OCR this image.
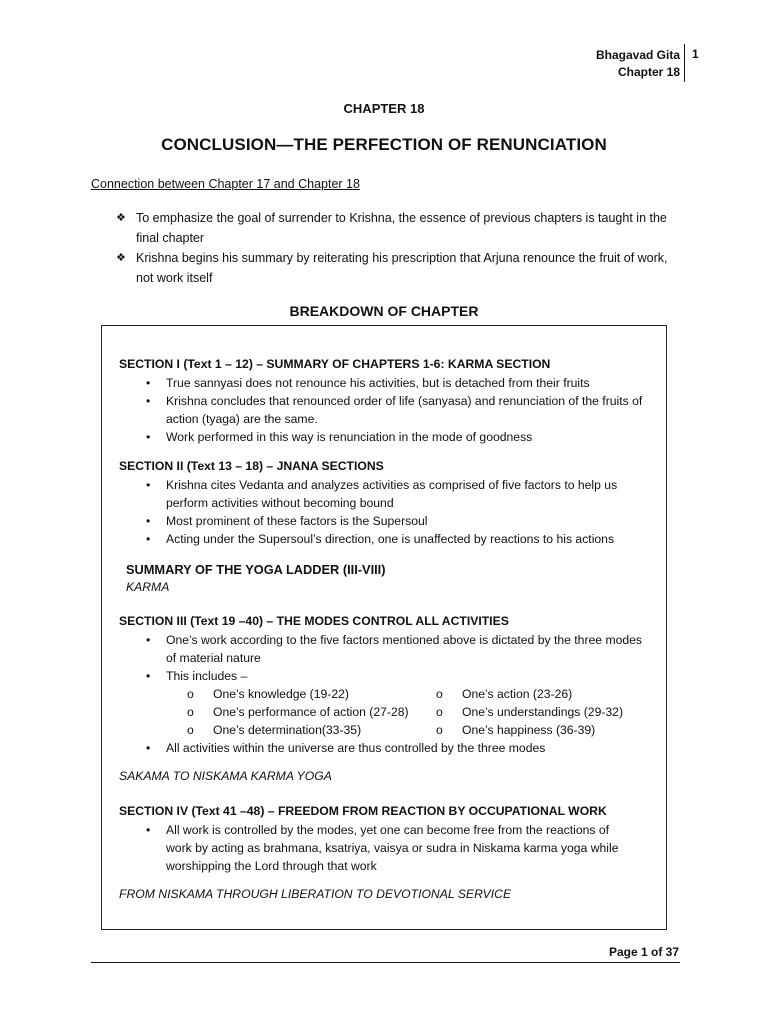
Bhagavad Gita
Chapter 18
1
CHAPTER 18
CONCLUSION—THE PERFECTION OF RENUNCIATION
Connection between Chapter 17 and Chapter 18
❖ To emphasize the goal of surrender to Krishna, the essence of previous chapters is taught in the final chapter
❖ Krishna begins his summary by reiterating his prescription that Arjuna renounce the fruit of work, not work itself
BREAKDOWN OF CHAPTER
SECTION I (Text 1 – 12) – SUMMARY OF CHAPTERS 1-6: KARMA SECTION
• True sannyasi does not renounce his activities, but is detached from their fruits
• Krishna concludes that renounced order of life (sanyasa) and renunciation of the fruits of action (tyaga) are the same.
• Work performed in this way is renunciation in the mode of goodness
SECTION II (Text 13 – 18) – JNANA SECTIONS
• Krishna cites Vedanta and analyzes activities as comprised of five factors to help us perform activities without becoming bound
• Most prominent of these factors is the Supersoul
• Acting under the Supersoul’s direction, one is unaffected by reactions to his actions
SUMMARY OF THE YOGA LADDER (III-VIII)
KARMA
SECTION III (Text 19 –40) – THE MODES CONTROL ALL ACTIVITIES
• One’s work according to the five factors mentioned above is dictated by the three modes of material nature
• This includes –
o One’s knowledge (19-22)
o One’s performance of action (27-28)
o One’s determination(33-35)
o One’s action (23-26)
o One’s understandings (29-32)
o One’s happiness (36-39)
• All activities within the universe are thus controlled by the three modes
SAKAMA TO NISKAMA KARMA YOGA
SECTION IV (Text 41 –48) – FREEDOM FROM REACTION BY OCCUPATIONAL WORK
• All work is controlled by the modes, yet one can become free from the reactions of work by acting as brahmana, ksatriya, vaisya or sudra in Niskama karma yoga while worshipping the Lord through that work
FROM NISKAMA THROUGH LIBERATION TO DEVOTIONAL SERVICE
Page 1 of 37
